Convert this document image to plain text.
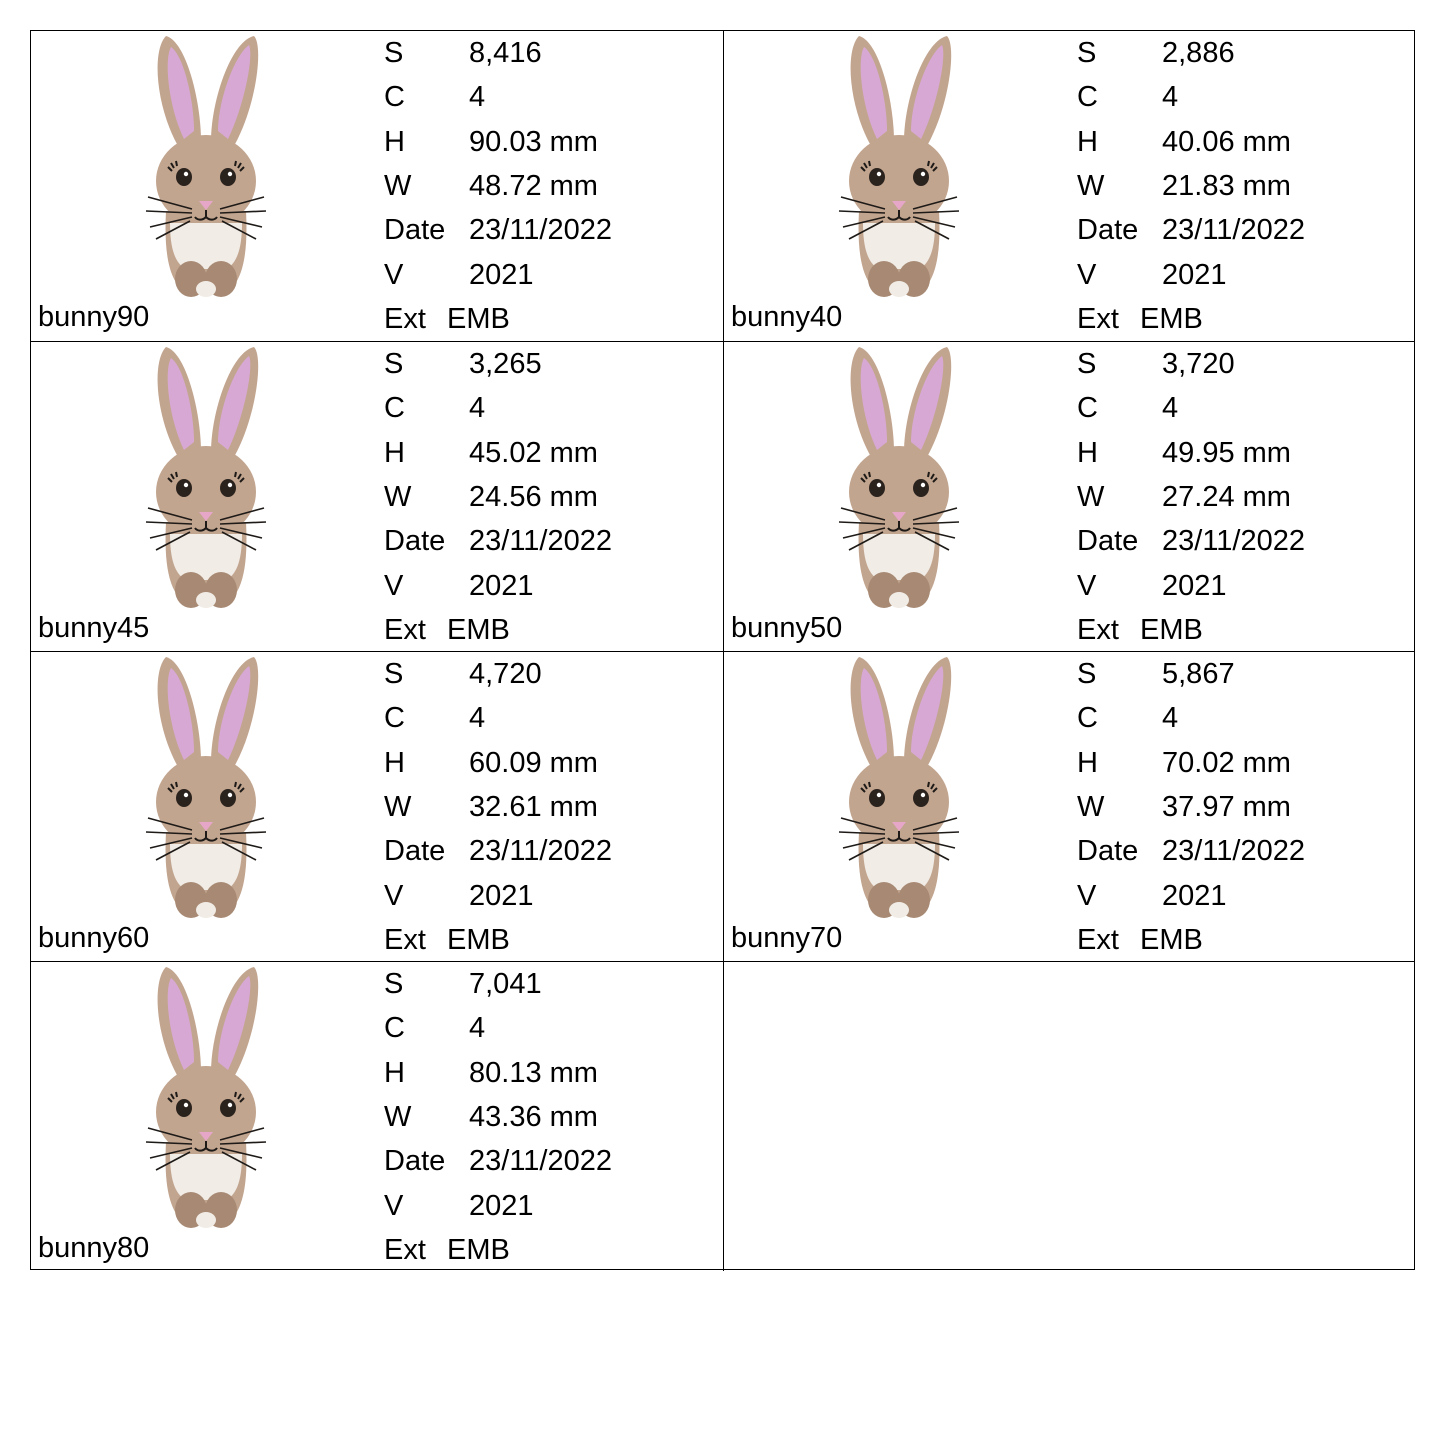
bunny90
S 8,416
C 4
H 90.03 mm
W 48.72 mm
Date 23/11/2022
V 2021
Ext EMB	bunny40
S 2,886
C 4
H 40.06 mm
W 21.83 mm
Date 23/11/2022
V 2021
Ext EMB
bunny45
S 3,265
C 4
H 45.02 mm
W 24.56 mm
Date 23/11/2022
V 2021
Ext EMB	bunny50
S 3,720
C 4
H 49.95 mm
W 27.24 mm
Date 23/11/2022
V 2021
Ext EMB
bunny60
S 4,720
C 4
H 60.09 mm
W 32.61 mm
Date 23/11/2022
V 2021
Ext EMB	bunny70
S 5,867
C 4
H 70.02 mm
W 37.97 mm
Date 23/11/2022
V 2021
Ext EMB
bunny80
S 7,041
C 4
H 80.13 mm
W 43.36 mm
Date 23/11/2022
V 2021
Ext EMB
